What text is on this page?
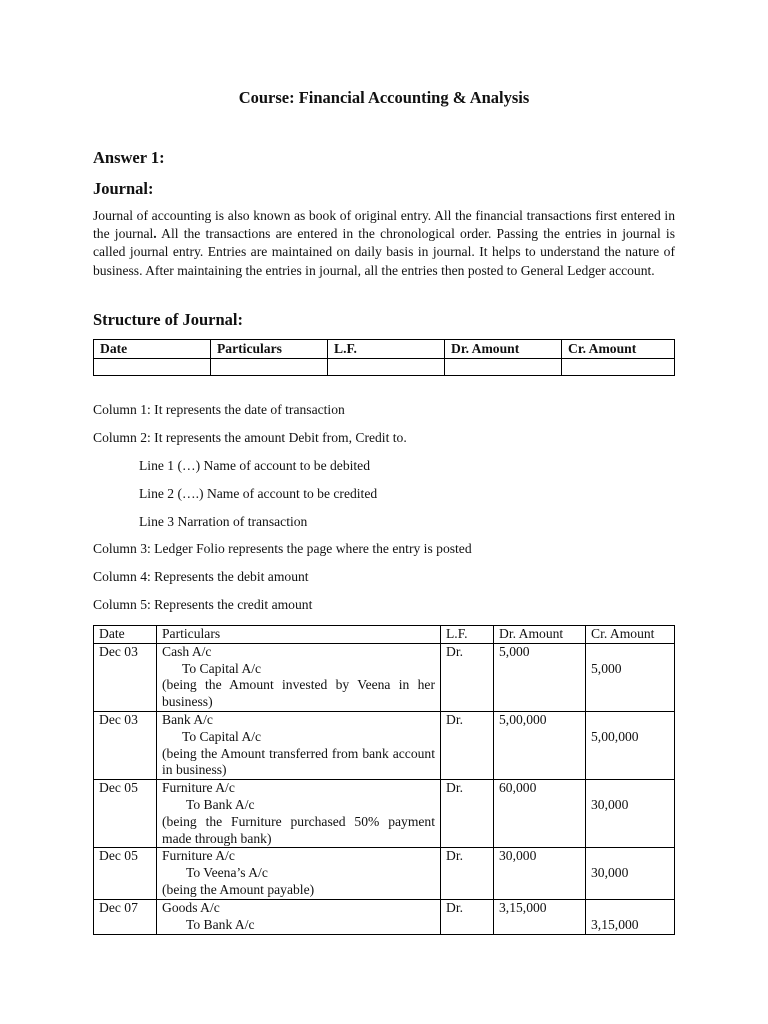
Course: Financial Accounting & Analysis
Answer 1:
Journal:
Journal of accounting is also known as book of original entry. All the financial transactions first entered in the journal. All the transactions are entered in the chronological order. Passing the entries in journal is called journal entry. Entries are maintained on daily basis in journal. It helps to understand the nature of business. After maintaining the entries in journal, all the entries then posted to General Ledger account.
Structure of Journal:
Date	Particulars	L.F.	Dr. Amount	Cr. Amount

Column 1: It represents the date of transaction
Column 2: It represents the amount Debit from, Credit to.
Line 1 (…) Name of account to be debited
Line 2 (….) Name of account to be credited
Line 3 Narration of transaction
Column 3: Ledger Folio represents the page where the entry is posted
Column 4: Represents the debit amount
Column 5: Represents the credit amount
Date	Particulars	L.F.	Dr. Amount	Cr. Amount
Dec 03	Cash A/c
To Capital A/c
(being the Amount invested by Veena in her business)	Dr.	5,000	5,000
Dec 03	Bank A/c
To Capital A/c
(being the Amount transferred from bank account in business)	Dr.	5,00,000	5,00,000
Dec 05	Furniture A/c
To Bank A/c
(being the Furniture purchased 50% payment made through bank)	Dr.	60,000	30,000
Dec 05	Furniture A/c
To Veena’s A/c
(being the Amount payable)	Dr.	30,000	30,000
Dec 07	Goods A/c
To Bank A/c	Dr.	3,15,000	3,15,000
